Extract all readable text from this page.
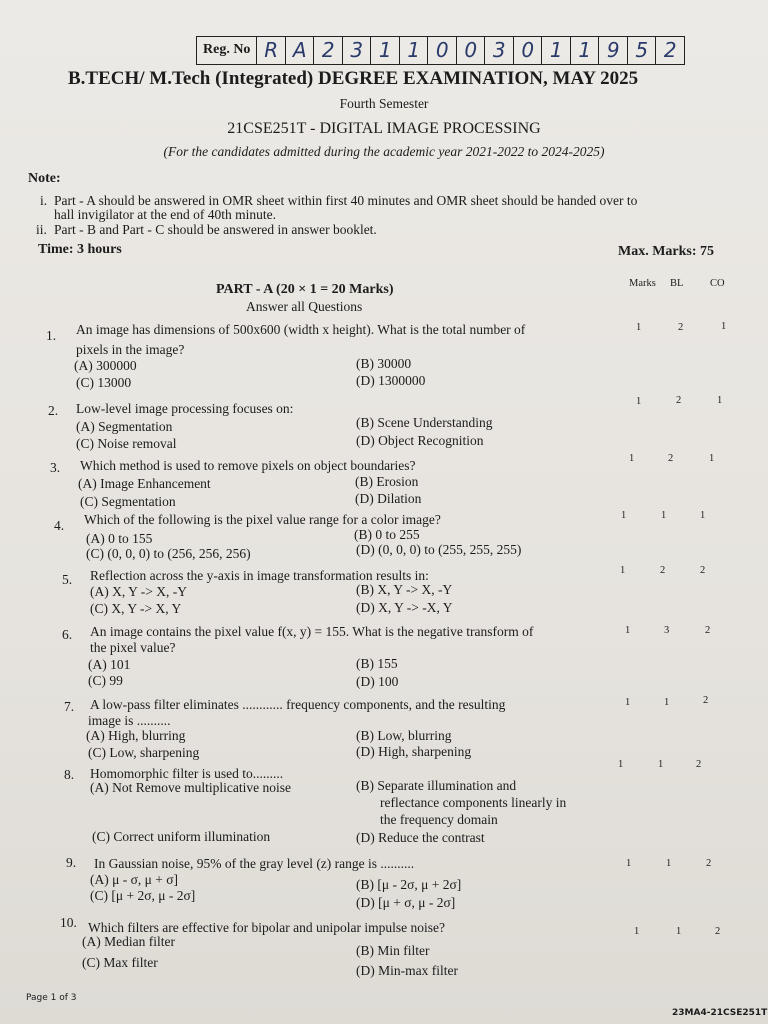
Reg. No R A 2 3 1 1 0 0 3 0 1 1 9 5 2
B.TECH/ M.Tech (Integrated) DEGREE EXAMINATION, MAY 2025
Fourth Semester
21CSE251T - DIGITAL IMAGE PROCESSING
(For the candidates admitted during the academic year 2021-2022 to 2024-2025)
Note:
i. Part - A should be answered in OMR sheet within first 40 minutes and OMR sheet should be handed over to
hall invigilator at the end of 40th minute.
ii. Part - B and Part - C should be answered in answer booklet.
Time: 3 hours	Max. Marks: 75
PART - A (20 × 1 = 20 Marks)
Answer all Questions
Marks BL	CO
1. An image has dimensions of 500x600 (width x height). What is the total number of
pixels in the image?
(A) 300000	(B) 30000
(C) 13000	(D) 1300000
1	2	1
2. Low-level image processing focuses on:
(A) Segmentation	(B) Scene Understanding
(C) Noise removal	(D) Object Recognition
1	2	1
3. Which method is used to remove pixels on object boundaries?
(A) Image Enhancement	(B) Erosion
(C) Segmentation	(D) Dilation
1	2	1
4. Which of the following is the pixel value range for a color image?
(A) 0 to 155	(B) 0 to 255
(C) (0, 0, 0) to (256, 256, 256)	(D) (0, 0, 0) to (255, 255, 255)
1	1	1
5. Reflection across the y-axis in image transformation results in:
(A) X, Y -> X, -Y	(B) X, Y -> X, -Y
(C) X, Y -> X, Y	(D) X, Y -> -X, Y
1	2	2
6. An image contains the pixel value f(x, y) = 155. What is the negative transform of
the pixel value?
(A) 101	(B) 155
(C) 99	(D) 100
1	3	2
7. A low-pass filter eliminates ............ frequency components, and the resulting
image is ..........
(A) High, blurring	(B) Low, blurring
(C) Low, sharpening	(D) High, sharpening
1	1	2
8. Homomorphic filter is used to.........
(A) Not Remove multiplicative noise	(B) Separate illumination and
reflectance components linearly in
the frequency domain
(C) Correct uniform illumination	(D) Reduce the contrast
1	1	2
9. In Gaussian noise, 95% of the gray level (z) range is ..........
(A) μ - σ, μ + σ]	(B) [μ - 2σ, μ + 2σ]
(C) [μ + 2σ, μ - 2σ]	(D) [μ + σ, μ - 2σ]
1	1	2
10. Which filters are effective for bipolar and unipolar impulse noise?
(A) Median filter
(B) Min filter
(C) Max filter
(D) Min-max filter
1	1	2
Page 1 of 3
23MA4-21CSE251T
